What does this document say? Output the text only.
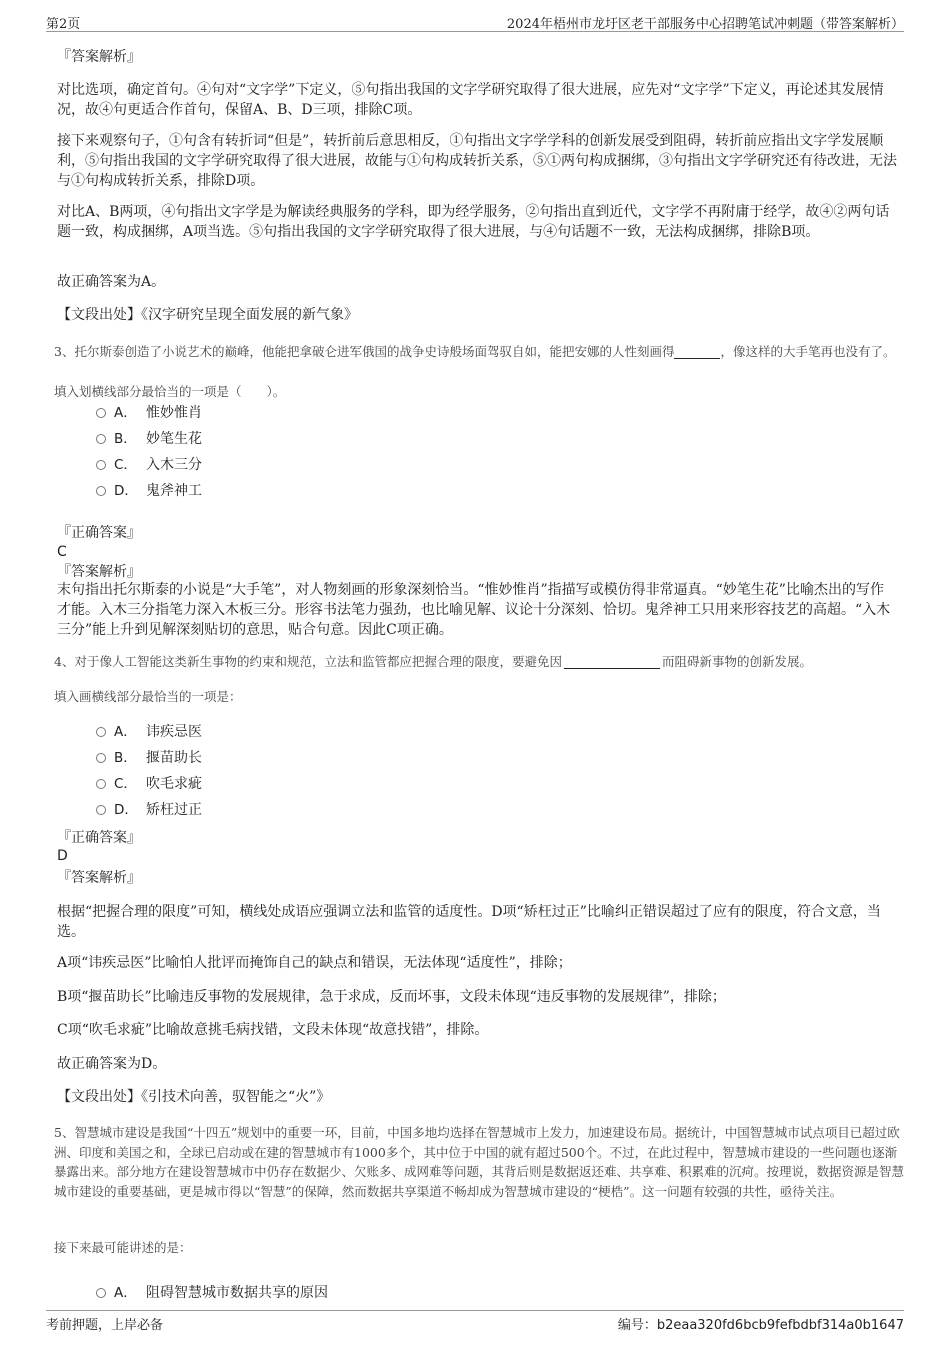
第2页	2024年梧州市龙圩区老干部服务中心招聘笔试冲刺题（带答案解析）
『答案解析』
对比选项，确定首句。④句对“文字学”下定义，⑤句指出我国的文字学研究取得了很大进展，应先对“文字学”下定义，再论述其发展情况，故④句更适合作首句，保留A、B、D三项，排除C项。
接下来观察句子，①句含有转折词“但是”，转折前后意思相反，①句指出文字学学科的创新发展受到阻碍，转折前应指出文字学发展顺利，⑤句指出我国的文字学研究取得了很大进展，故能与①句构成转折关系，⑤①两句构成捆绑，③句指出文字学研究还有待改进，无法与①句构成转折关系，排除D项。
对比A、B两项，④句指出文字学是为解读经典服务的学科，即为经学服务，②句指出直到近代，文字学不再附庸于经学，故④②两句话题一致，构成捆绑，A项当选。⑤句指出我国的文字学研究取得了很大进展，与④句话题不一致，无法构成捆绑，排除B项。
故正确答案为A。
【文段出处】《汉字研究呈现全面发展的新气象》
3、托尔斯泰创造了小说艺术的巅峰，他能把拿破仑进军俄国的战争史诗般场面驾驭自如，能把安娜的人性刻画得	，像这样的大手笔再也没有了。
填入划横线部分最恰当的一项是（　　）。
A． 惟妙惟肖
B． 妙笔生花
C． 入木三分
D． 鬼斧神工
『正确答案』
C
『答案解析』
末句指出托尔斯泰的小说是“大手笔”，对人物刻画的形象深刻恰当。“惟妙惟肖”指描写或模仿得非常逼真。“妙笔生花”比喻杰出的写作才能。入木三分指笔力深入木板三分。形容书法笔力强劲，也比喻见解、议论十分深刻、恰切。鬼斧神工只用来形容技艺的高超。“入木三分”能上升到见解深刻贴切的意思，贴合句意。因此C项正确。
4、对于像人工智能这类新生事物的约束和规范，立法和监管都应把握合理的限度，要避免因	而阻碍新事物的创新发展。
填入画横线部分最恰当的一项是：
A． 讳疾忌医
B． 揠苗助长
C． 吹毛求疵
D． 矫枉过正
『正确答案』
D
『答案解析』
根据“把握合理的限度”可知，横线处成语应强调立法和监管的适度性。D项“矫枉过正”比喻纠正错误超过了应有的限度，符合文意，当选。
A项“讳疾忌医”比喻怕人批评而掩饰自己的缺点和错误，无法体现“适度性”，排除；
B项“揠苗助长”比喻违反事物的发展规律，急于求成，反而坏事，文段未体现“违反事物的发展规律”，排除；
C项“吹毛求疵”比喻故意挑毛病找错，文段未体现“故意找错”，排除。
故正确答案为D。
【文段出处】《引技术向善，驭智能之“火”》
5、智慧城市建设是我国“十四五”规划中的重要一环，目前，中国多地均选择在智慧城市上发力，加速建设布局。据统计，中国智慧城市试点项目已超过欧洲、印度和美国之和，全球已启动或在建的智慧城市有1000多个，其中位于中国的就有超过500个。不过，在此过程中，智慧城市建设的一些问题也逐渐暴露出来。部分地方在建设智慧城市中仍存在数据少、欠账多、成网难等问题，其背后则是数据返还难、共享难、积累难的沉疴。按理说，数据资源是智慧城市建设的重要基础，更是城市得以“智慧”的保障，然而数据共享渠道不畅却成为智慧城市建设的“梗梏”。这一问题有较强的共性，亟待关注。
接下来最可能讲述的是：
A． 阻碍智慧城市数据共享的原因
考前押题，上岸必备	编号：b2eaa320fd6bcb9fefbdbf314a0b1647
